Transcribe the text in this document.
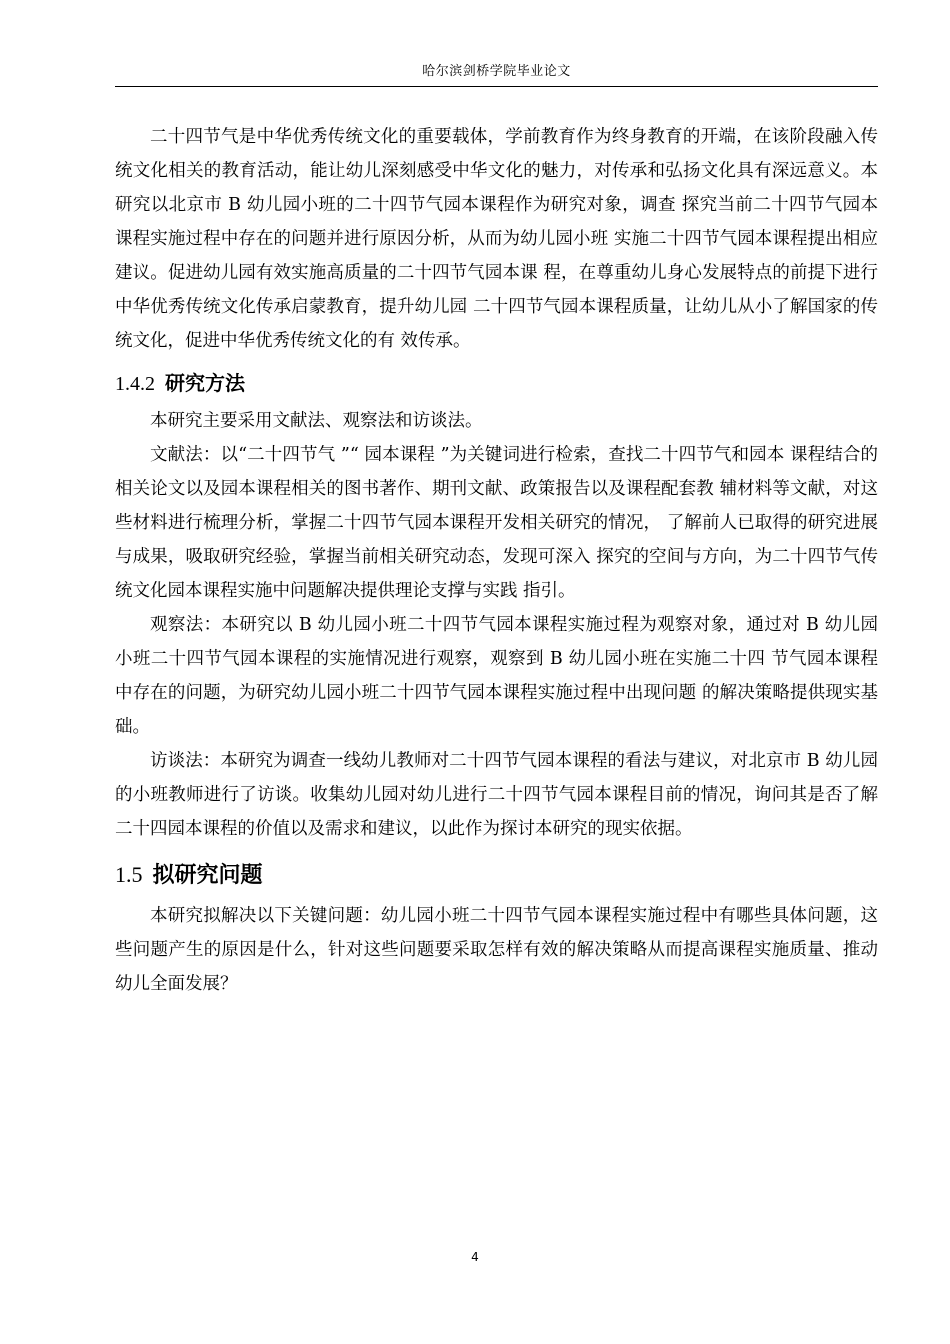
哈尔滨剑桥学院毕业论文

二十四节气是中华优秀传统文化的重要载体，学前教育作为终身教育的开端，在该阶段融入传统文化相关的教育活动，能让幼儿深刻感受中华文化的魅力，对传承和弘扬文化具有深远意义。本研究以北京市 B 幼儿园小班的二十四节气园本课程作为研究对象，调查 探究当前二十四节气园本课程实施过程中存在的问题并进行原因分析，从而为幼儿园小班 实施二十四节气园本课程提出相应建议。促进幼儿园有效实施高质量的二十四节气园本课 程，在尊重幼儿身心发展特点的前提下进行中华优秀传统文化传承启蒙教育，提升幼儿园 二十四节气园本课程质量，让幼儿从小了解国家的传统文化，促进中华优秀传统文化的有 效传承。

1.4.2 研究方法

本研究主要采用文献法、观察法和访谈法。

文献法：以“二十四节气 ”“ 园本课程 ”为关键词进行检索，查找二十四节气和园本 课程结合的相关论文以及园本课程相关的图书著作、期刊文献、政策报告以及课程配套教 辅材料等文献，对这些材料进行梳理分析，掌握二十四节气园本课程开发相关研究的情况， 了解前人已取得的研究进展与成果，吸取研究经验，掌握当前相关研究动态，发现可深入 探究的空间与方向，为二十四节气传统文化园本课程实施中问题解决提供理论支撑与实践 指引。

观察法：本研究以 B 幼儿园小班二十四节气园本课程实施过程为观察对象，通过对 B 幼儿园小班二十四节气园本课程的实施情况进行观察，观察到 B 幼儿园小班在实施二十四 节气园本课程中存在的问题，为研究幼儿园小班二十四节气园本课程实施过程中出现问题 的解决策略提供现实基础。

访谈法：本研究为调查一线幼儿教师对二十四节气园本课程的看法与建议，对北京市 B 幼儿园的小班教师进行了访谈。收集幼儿园对幼儿进行二十四节气园本课程目前的情况，询问其是否了解二十四园本课程的价值以及需求和建议，以此作为探讨本研究的现实依据。

1.5 拟研究问题

本研究拟解决以下关键问题：幼儿园小班二十四节气园本课程实施过程中有哪些具体问题，这些问题产生的原因是什么，针对这些问题要采取怎样有效的解决策略从而提高课程实施质量、推动幼儿全面发展？

4
